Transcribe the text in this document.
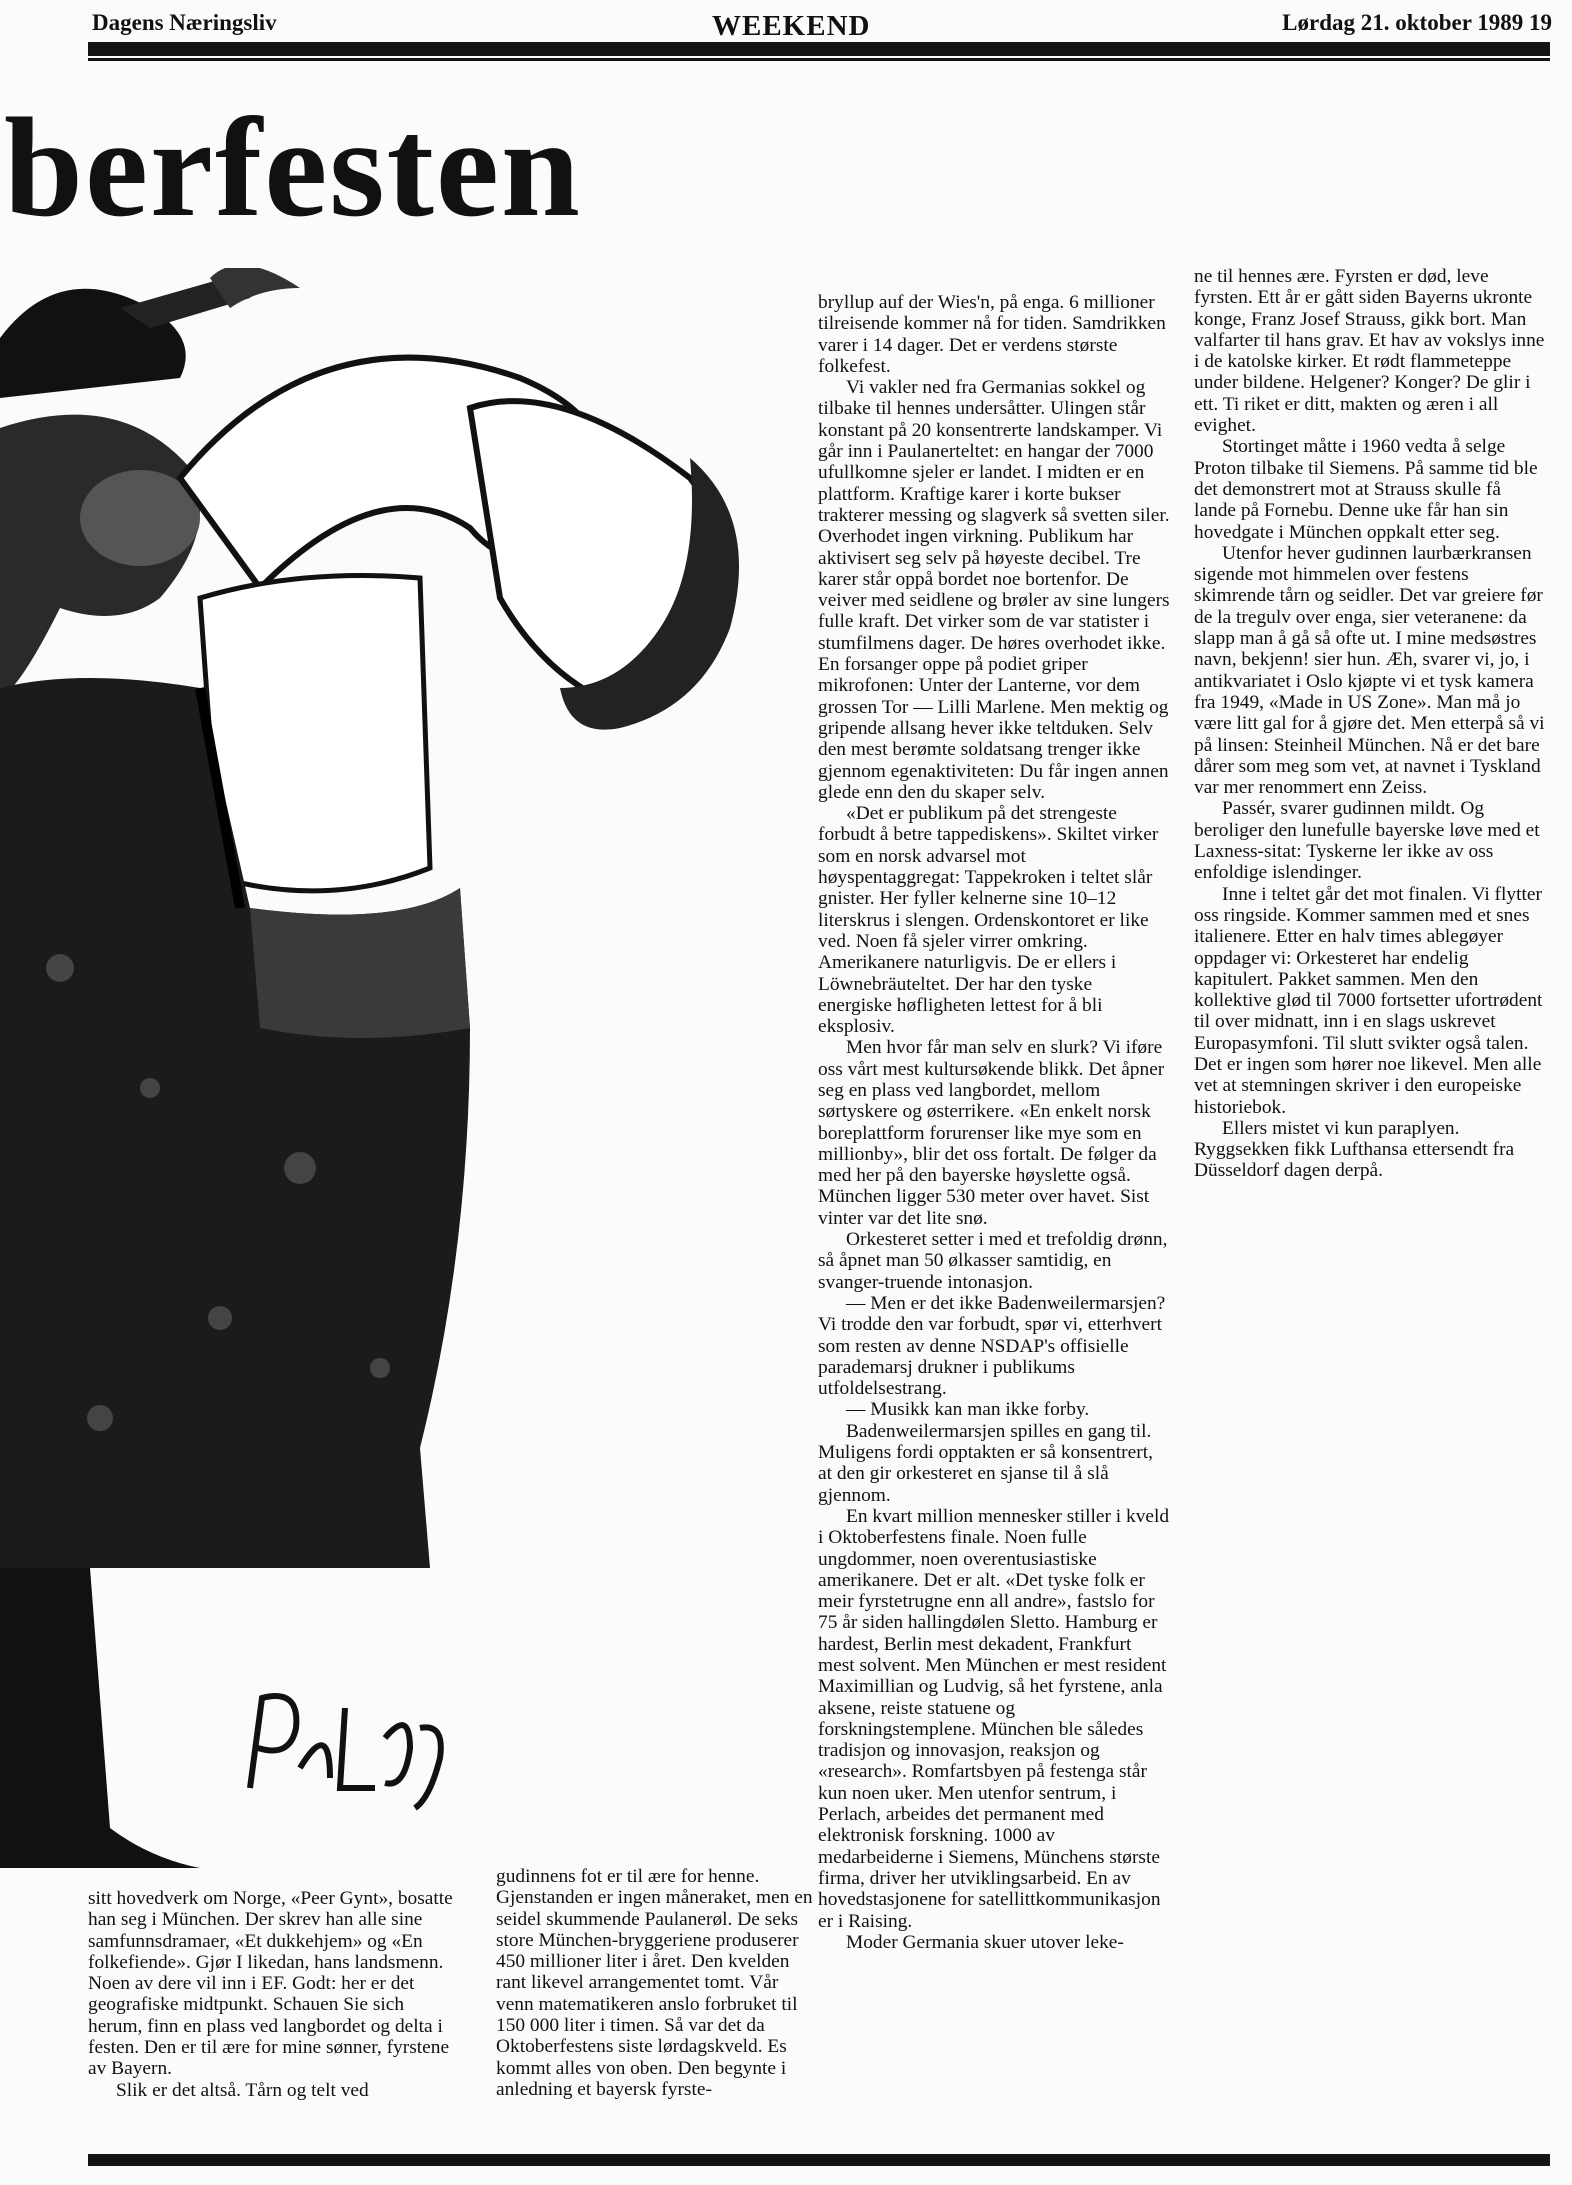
Dagens Næringsliv	WEEKEND	Lørdag 21. oktober 1989 19
berfesten

sitt hovedverk om Norge, «Peer Gynt», bosatte han seg i München. Der skrev han alle sine samfunnsdramaer, «Et dukkehjem» og «En folkefiende». Gjør I likedan, hans landsmenn. Noen av dere vil inn i EF. Godt: her er det geografiske midtpunkt. Schauen Sie sich herum, finn en plass ved langbordet og delta i festen. Den er til ære for mine sønner, fyrstene av Bayern.

Slik er det altså. Tårn og telt ved

gudinnens fot er til ære for henne. Gjenstanden er ingen måneraket, men en seidel skummende Paulanerøl. De seks store München-bryggeriene produserer 450 millioner liter i året. Den kvelden rant likevel arrangementet tomt. Vår venn matematikeren anslo forbruket til 150 000 liter i timen. Så var det da Oktoberfestens siste lørdagskveld. Es kommt alles von oben. Den begynte i anledning et bayersk fyrste-

bryllup auf der Wies'n, på enga. 6 millioner tilreisende kommer nå for tiden. Samdrikken varer i 14 dager. Det er verdens største folkefest.

Vi vakler ned fra Germanias sokkel og tilbake til hennes undersåtter. Ulingen står konstant på 20 konsentrerte landskamper. Vi går inn i Paulanerteltet: en hangar der 7000 ufullkomne sjeler er landet. I midten er en plattform. Kraftige karer i korte bukser trakterer messing og slagverk så svetten siler. Overhodet ingen virkning. Publikum har aktivisert seg selv på høyeste decibel. Tre karer står oppå bordet noe bortenfor. De veiver med seidlene og brøler av sine lungers fulle kraft. Det virker som de var statister i stumfilmens dager. De høres overhodet ikke. En forsanger oppe på podiet griper mikrofonen: Unter der Lanterne, vor dem grossen Tor — Lilli Marlene. Men mektig og gripende allsang hever ikke teltduken. Selv den mest berømte soldatsang trenger ikke gjennom egenaktiviteten: Du får ingen annen glede enn den du skaper selv.

«Det er publikum på det strengeste forbudt å betre tappediskens». Skiltet virker som en norsk advarsel mot høyspentaggregat: Tappekroken i teltet slår gnister. Her fyller kelnerne sine 10–12 literskrus i slengen. Ordenskontoret er like ved. Noen få sjeler virrer omkring. Amerikanere naturligvis. De er ellers i Löwnebräuteltet. Der har den tyske energiske høfligheten lettest for å bli eksplosiv.

Men hvor får man selv en slurk? Vi iføre oss vårt mest kultursøkende blikk. Det åpner seg en plass ved langbordet, mellom sørtyskere og østerrikere. «En enkelt norsk boreplattform forurenser like mye som en millionby», blir det oss fortalt. De følger da med her på den bayerske høyslette også. München ligger 530 meter over havet. Sist vinter var det lite snø.

Orkesteret setter i med et trefoldig drønn, så åpnet man 50 ølkasser samtidig, en svanger-truende intonasjon.

— Men er det ikke Badenweilermarsjen? Vi trodde den var forbudt, spør vi, etterhvert som resten av denne NSDAP's offisielle parademarsj drukner i publikums utfoldelsestrang.

— Musikk kan man ikke forby.

Badenweilermarsjen spilles en gang til. Muligens fordi opptakten er så konsentrert, at den gir orkesteret en sjanse til å slå gjennom.

En kvart million mennesker stiller i kveld i Oktoberfestens finale. Noen fulle ungdommer, noen overentusiastiske amerikanere. Det er alt. «Det tyske folk er meir fyrstetrugne enn all andre», fastslo for 75 år siden hallingdølen Sletto. Hamburg er hardest, Berlin mest dekadent, Frankfurt mest solvent. Men München er mest resident Maximillian og Ludvig, så het fyrstene, anla aksene, reiste statuene og forskningstemplene. München ble således tradisjon og innovasjon, reaksjon og «research». Romfartsbyen på festenga står kun noen uker. Men utenfor sentrum, i Perlach, arbeides det permanent med elektronisk forskning. 1000 av medarbeiderne i Siemens, Münchens største firma, driver her utviklingsarbeid. En av hovedstasjonene for satellittkommunikasjon er i Raising.

Moder Germania skuer utover leke-

ne til hennes ære. Fyrsten er død, leve fyrsten. Ett år er gått siden Bayerns ukronte konge, Franz Josef Strauss, gikk bort. Man valfarter til hans grav. Et hav av vokslys inne i de katolske kirker. Et rødt flammeteppe under bildene. Helgener? Konger? De glir i ett. Ti riket er ditt, makten og æren i all evighet.

Stortinget måtte i 1960 vedta å selge Proton tilbake til Siemens. På samme tid ble det demonstrert mot at Strauss skulle få lande på Fornebu. Denne uke får han sin hovedgate i München oppkalt etter seg.

Utenfor hever gudinnen laurbærkransen sigende mot himmelen over festens skimrende tårn og seidler. Det var greiere før de la tregulv over enga, sier veteranene: da slapp man å gå så ofte ut. I mine medsøstres navn, bekjenn! sier hun. Æh, svarer vi, jo, i antikvariatet i Oslo kjøpte vi et tysk kamera fra 1949, «Made in US Zone». Man må jo være litt gal for å gjøre det. Men etterpå så vi på linsen: Steinheil München. Nå er det bare dårer som meg som vet, at navnet i Tyskland var mer renommert enn Zeiss.

Passér, svarer gudinnen mildt. Og beroliger den lunefulle bayerske løve med et Laxness-sitat: Tyskerne ler ikke av oss enfoldige islendinger.

Inne i teltet går det mot finalen. Vi flytter oss ringside. Kommer sammen med et snes italienere. Etter en halv times ablegøyer oppdager vi: Orkesteret har endelig kapitulert. Pakket sammen. Men den kollektive glød til 7000 fortsetter ufortrødent til over midnatt, inn i en slags uskrevet Europasymfoni. Til slutt svikter også talen. Det er ingen som hører noe likevel. Men alle vet at stemningen skriver i den europeiske historiebok.

Ellers mistet vi kun paraplyen. Ryggsekken fikk Lufthansa ettersendt fra Düsseldorf dagen derpå.
